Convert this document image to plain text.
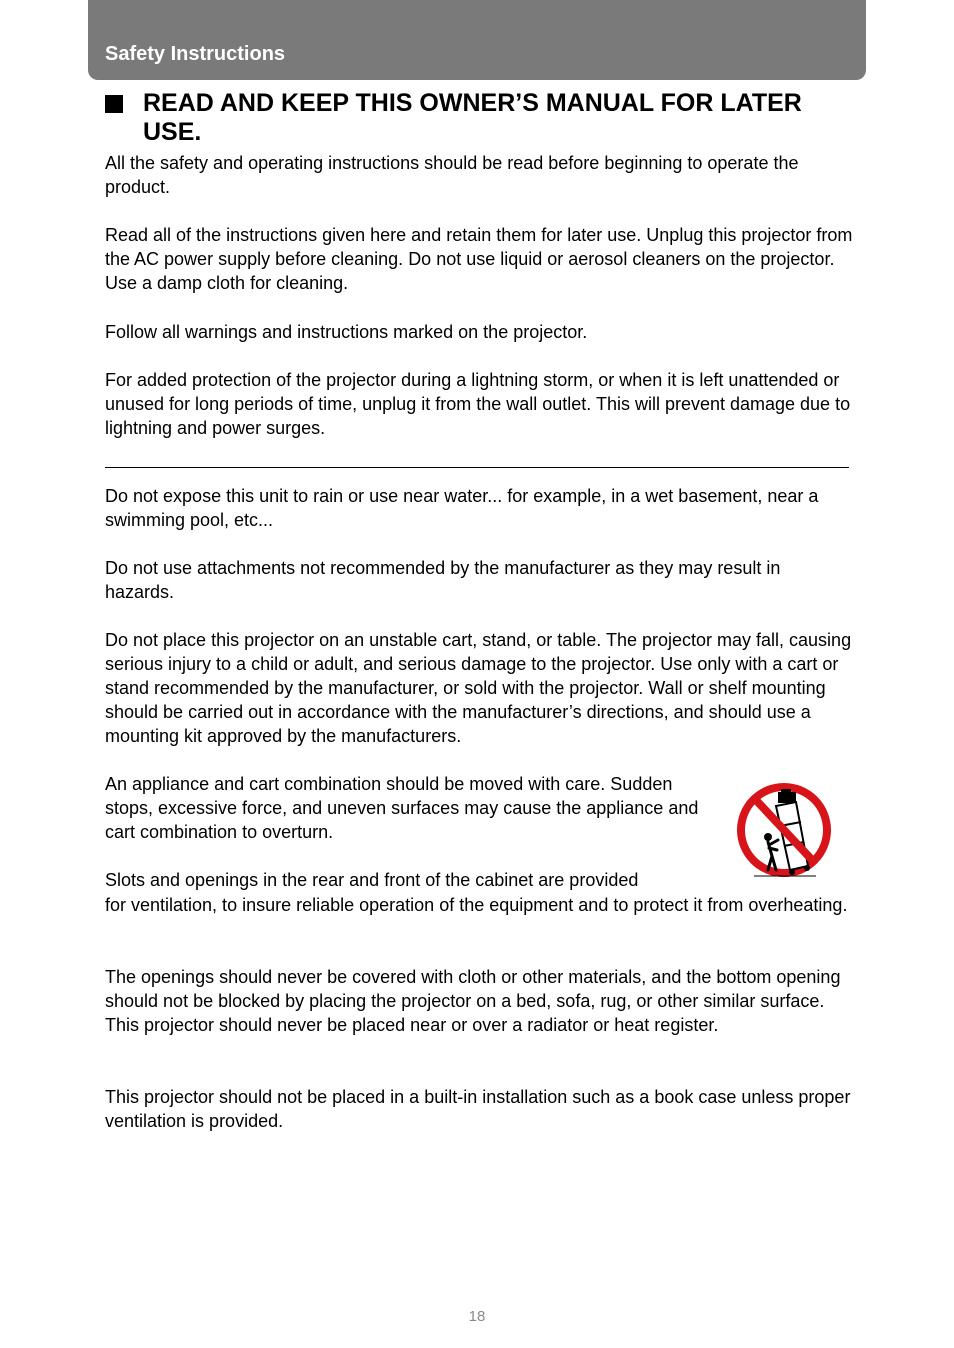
Safety Instructions
READ AND KEEP THIS OWNER’S MANUAL FOR LATER USE.

All the safety and operating instructions should be read before beginning to operate the product.

Read all of the instructions given here and retain them for later use. Unplug this projector from the AC power supply before cleaning. Do not use liquid or aerosol cleaners on the projector. Use a damp cloth for cleaning.

Follow all warnings and instructions marked on the projector.

For added protection of the projector during a lightning storm, or when it is left unattended or unused for long periods of time, unplug it from the wall outlet. This will prevent damage due to lightning and power surges.

Do not expose this unit to rain or use near water... for example, in a wet basement, near a swimming pool, etc...

Do not use attachments not recommended by the manufacturer as they may result in hazards.

Do not place this projector on an unstable cart, stand, or table. The projector may fall, causing serious injury to a child or adult, and serious damage to the projector. Use only with a cart or stand recommended by the manufacturer, or sold with the projector. Wall or shelf mounting should be carried out in accordance with the manufacturer’s directions, and should use a mounting kit approved by the manufacturers.

An appliance and cart combination should be moved with care. Sudden stops, excessive force, and uneven surfaces may cause the appliance and cart combination to overturn.

Slots and openings in the rear and front of the cabinet are provided

for ventilation, to insure reliable operation of the equipment and to protect it from overheating.

The openings should never be covered with cloth or other materials, and the bottom opening should not be blocked by placing the projector on a bed, sofa, rug, or other similar surface. This projector should never be placed near or over a radiator or heat register.

This projector should not be placed in a built-in installation such as a book case unless proper ventilation is provided.

18
